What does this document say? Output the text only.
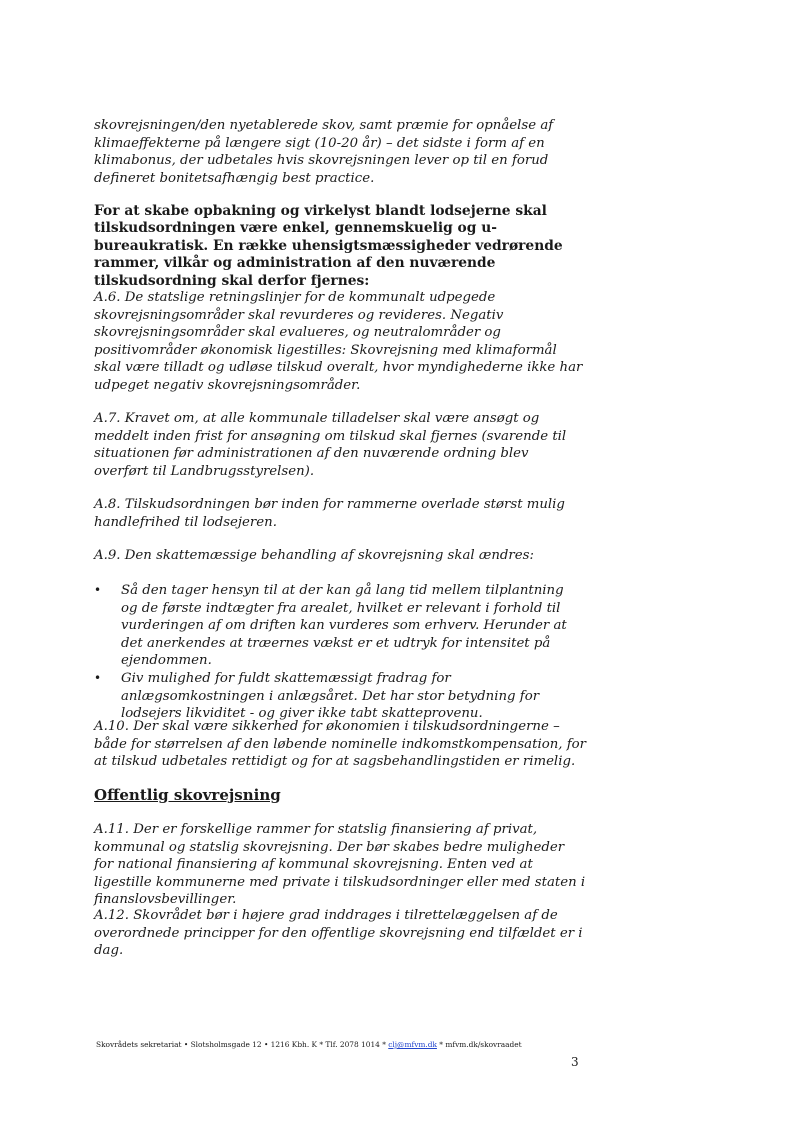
skovrejsningen/den nyetablerede skov, samt præmie for opnåelse af klimaeffekterne på længere sigt (10-20 år) – det sidste i form af en klimabonus, der udbetales hvis skovrejsningen lever op til en forud defineret bonitetsafhængig best practice.

For at skabe opbakning og virkelyst blandt lodsejerne skal tilskudsordningen være enkel, gennemskuelig og u-bureaukratisk. En række uhensigtsmæssigheder vedrørende rammer, vilkår og administration af den nuværende tilskudsordning skal derfor fjernes:

A.6. De statslige retningslinjer for de kommunalt udpegede skovrejsningsområder skal revurderes og revideres. Negativ skovrejsningsområder skal evalueres, og neutralområder og positivområder økonomisk ligestilles: Skovrejsning med klimaformål skal være tilladt og udløse tilskud overalt, hvor myndighederne ikke har udpeget negativ skovrejsningsområder.

A.7. Kravet om, at alle kommunale tilladelser skal være ansøgt og meddelt inden frist for ansøgning om tilskud skal fjernes (svarende til situationen før administrationen af den nuværende ordning blev overført til Landbrugsstyrelsen).

A.8. Tilskudsordningen bør inden for rammerne overlade størst mulig handlefrihed til lodsejeren.

A.9. Den skattemæssige behandling af skovrejsning skal ændres:

• Så den tager hensyn til at der kan gå lang tid mellem tilplantning og de første indtægter fra arealet, hvilket er relevant i forhold til vurderingen af om driften kan vurderes som erhverv. Herunder at det anerkendes at træernes vækst er et udtryk for intensitet på ejendommen.

• Giv mulighed for fuldt skattemæssigt fradrag for anlægsomkostningen i anlægsåret. Det har stor betydning for lodsejers likviditet - og giver ikke tabt skatteprovenu.

A.10. Der skal være sikkerhed for økonomien i tilskudsordningerne – både for størrelsen af den løbende nominelle indkomstkompensation, for at tilskud udbetales rettidigt og for at sagsbehandlingstiden er rimelig.

Offentlig skovrejsning

A.11. Der er forskellige rammer for statslig finansiering af privat, kommunal og statslig skovrejsning. Der bør skabes bedre muligheder for national finansiering af kommunal skovrejsning. Enten ved at ligestille kommunerne med private i tilskudsordninger eller med staten i finanslovsbevillinger.

A.12. Skovrådet bør i højere grad inddrages i tilrettelæggelsen af de overordnede principper for den offentlige skovrejsning end tilfældet er i dag.

Skovrådets sekretariat • Slotsholmsgade 12 • 1216 Kbh. K * Tlf. 2078 1014 * clj@mfvm.dk * mfvm.dk/skovraadet
3
